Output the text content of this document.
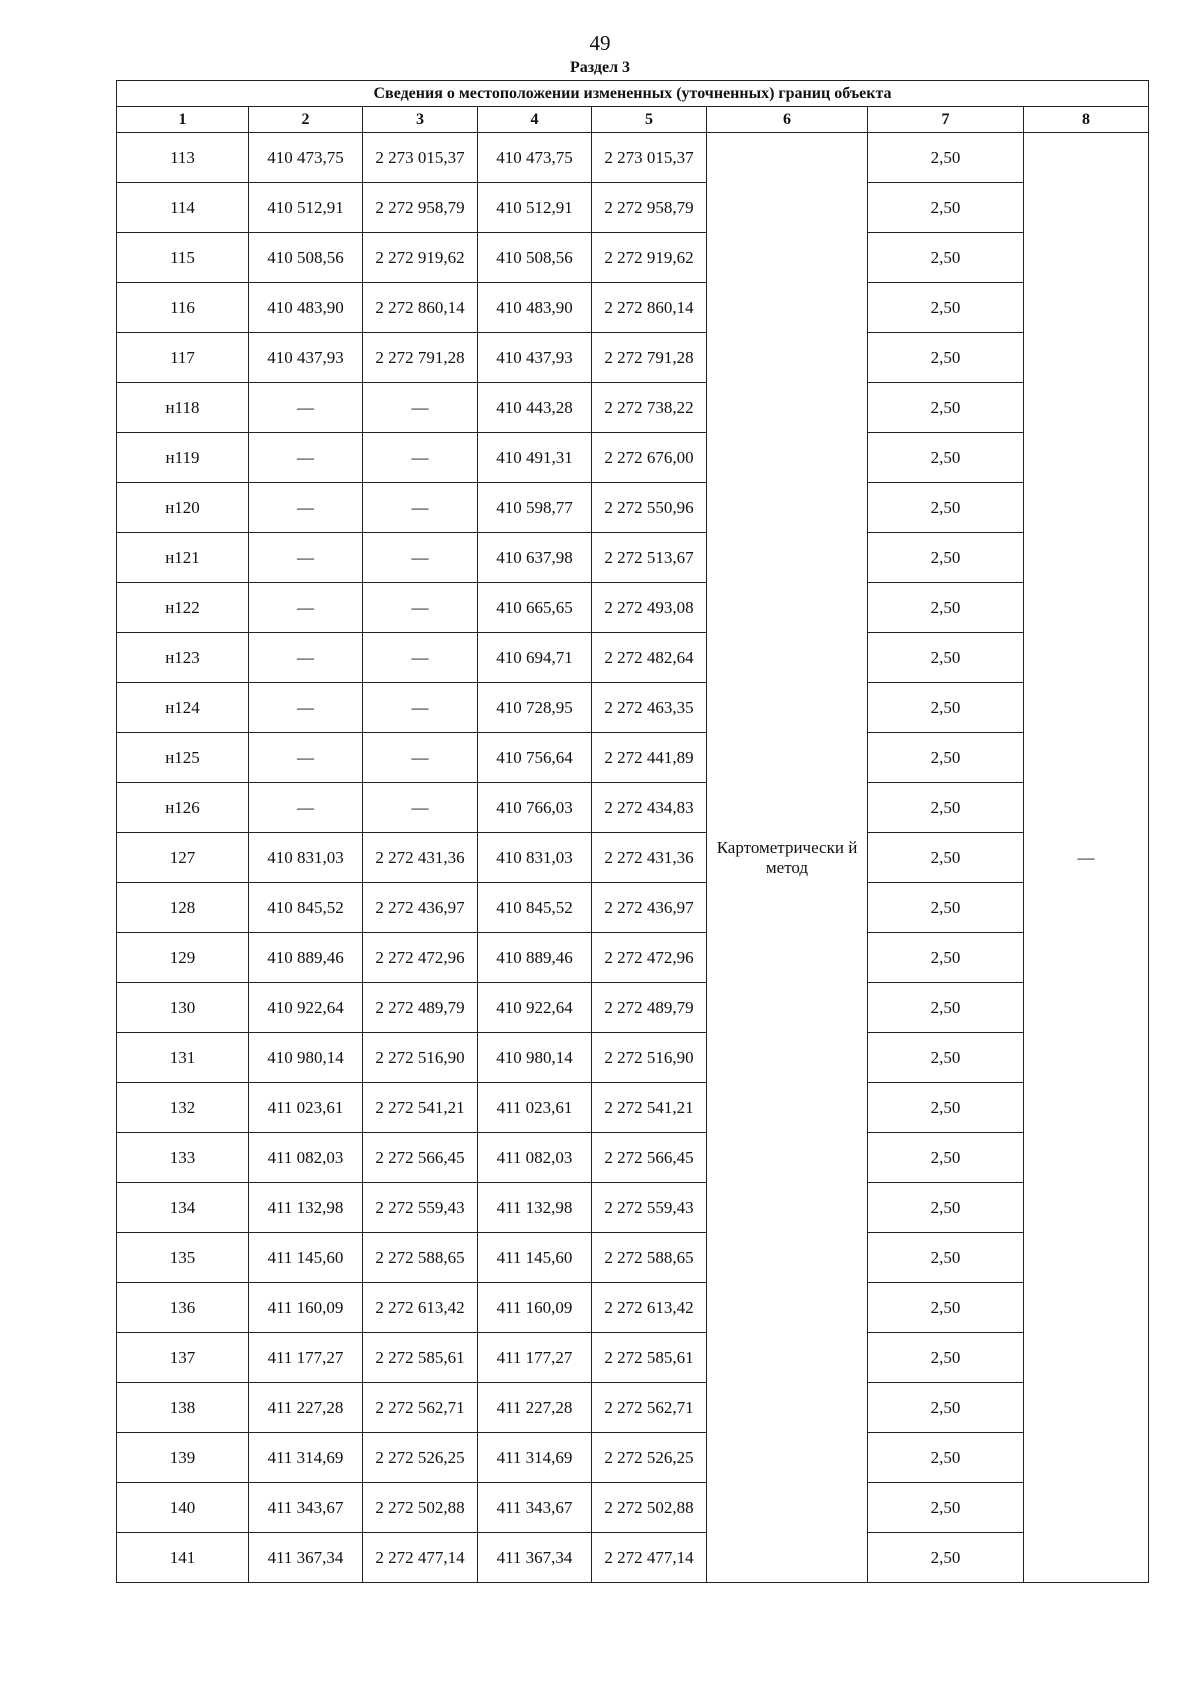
49
Раздел 3
Сведения о местоположении измененных (уточненных) границ объекта							
1	2	3	4	5	6	7	8
113	410 473,75	2 273 015,37	410 473,75	2 273 015,37	Картометрически й метод	2,50	—
114	410 512,91	2 272 958,79	410 512,91	2 272 958,79		2,50	
115	410 508,56	2 272 919,62	410 508,56	2 272 919,62		2,50	
116	410 483,90	2 272 860,14	410 483,90	2 272 860,14		2,50	
117	410 437,93	2 272 791,28	410 437,93	2 272 791,28		2,50	
н118	—	—	410 443,28	2 272 738,22		2,50	
н119	—	—	410 491,31	2 272 676,00		2,50	
н120	—	—	410 598,77	2 272 550,96		2,50	
н121	—	—	410 637,98	2 272 513,67		2,50	
н122	—	—	410 665,65	2 272 493,08		2,50	
н123	—	—	410 694,71	2 272 482,64		2,50	
н124	—	—	410 728,95	2 272 463,35		2,50	
н125	—	—	410 756,64	2 272 441,89		2,50	
н126	—	—	410 766,03	2 272 434,83		2,50	
127	410 831,03	2 272 431,36	410 831,03	2 272 431,36		2,50	
128	410 845,52	2 272 436,97	410 845,52	2 272 436,97		2,50	
129	410 889,46	2 272 472,96	410 889,46	2 272 472,96		2,50	
130	410 922,64	2 272 489,79	410 922,64	2 272 489,79		2,50	
131	410 980,14	2 272 516,90	410 980,14	2 272 516,90		2,50	
132	411 023,61	2 272 541,21	411 023,61	2 272 541,21		2,50	
133	411 082,03	2 272 566,45	411 082,03	2 272 566,45		2,50	
134	411 132,98	2 272 559,43	411 132,98	2 272 559,43		2,50	
135	411 145,60	2 272 588,65	411 145,60	2 272 588,65		2,50	
136	411 160,09	2 272 613,42	411 160,09	2 272 613,42		2,50	
137	411 177,27	2 272 585,61	411 177,27	2 272 585,61		2,50	
138	411 227,28	2 272 562,71	411 227,28	2 272 562,71		2,50	
139	411 314,69	2 272 526,25	411 314,69	2 272 526,25		2,50	
140	411 343,67	2 272 502,88	411 343,67	2 272 502,88		2,50	
141	411 367,34	2 272 477,14	411 367,34	2 272 477,14		2,50	
